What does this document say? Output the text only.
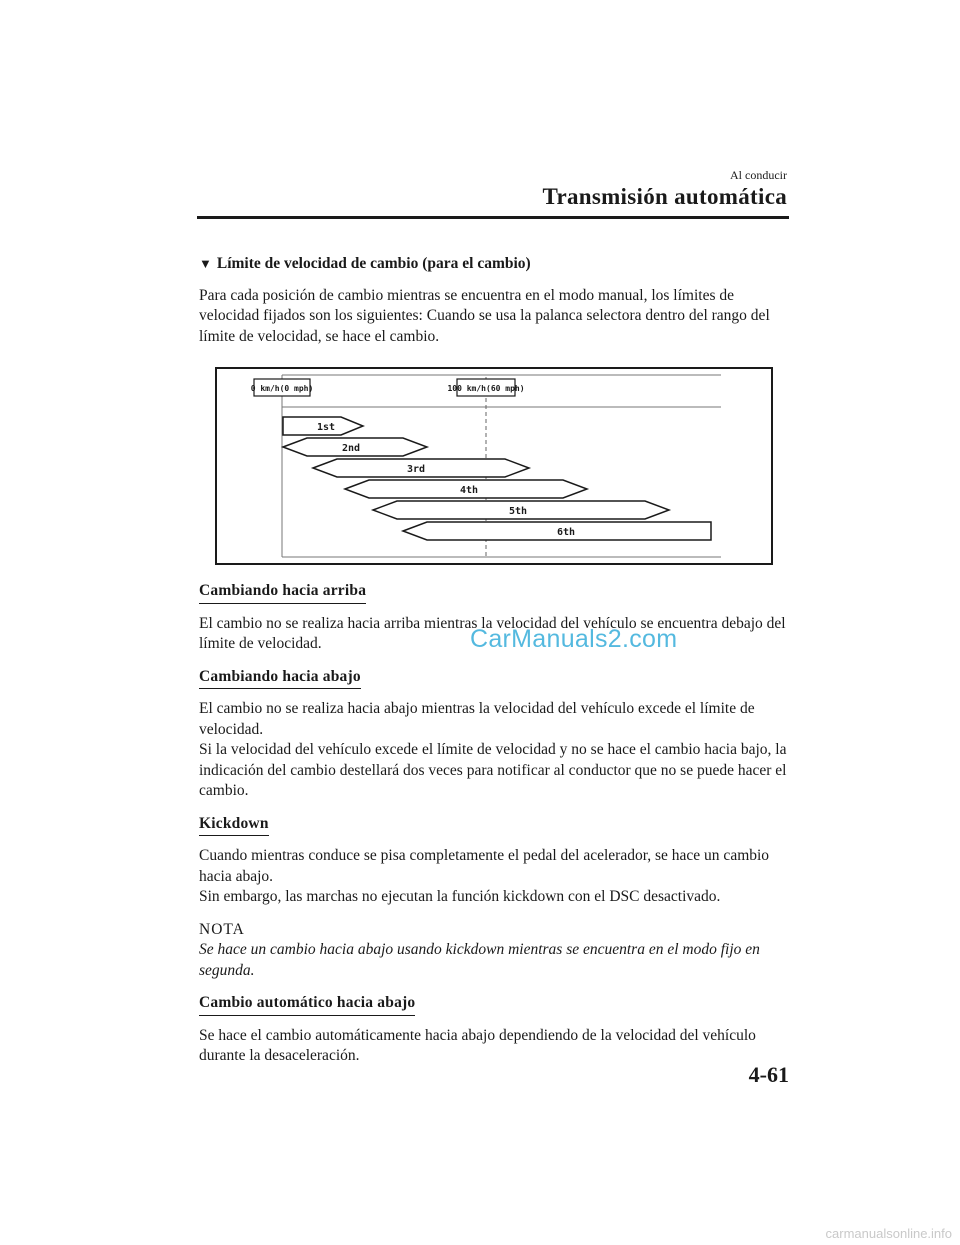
Al conducir
Transmisión automática

▼ Límite de velocidad de cambio (para el cambio)

Para cada posición de cambio mientras se encuentra en el modo manual, los límites de velocidad fijados son los siguientes: Cuando se usa la palanca selectora dentro del rango del límite de velocidad, se hace el cambio.

0 km/h(0 mph)	100 km/h(60 mph)
1st
2nd
3rd
4th
5th
6th
Cambiando hacia arriba

El cambio no se realiza hacia arriba mientras la velocidad del vehículo se encuentra debajo del límite de velocidad.

Cambiando hacia abajo

El cambio no se realiza hacia abajo mientras la velocidad del vehículo excede el límite de velocidad.

Si la velocidad del vehículo excede el límite de velocidad y no se hace el cambio hacia bajo, la indicación del cambio destellará dos veces para notificar al conductor que no se puede hacer el cambio.

Kickdown

Cuando mientras conduce se pisa completamente el pedal del acelerador, se hace un cambio hacia abajo.

Sin embargo, las marchas no ejecutan la función kickdown con el DSC desactivado.

NOTA

Se hace un cambio hacia abajo usando kickdown mientras se encuentra en el modo fijo en segunda.

Cambio automático hacia abajo

Se hace el cambio automáticamente hacia abajo dependiendo de la velocidad del vehículo durante la desaceleración.

CarManuals2.com
4-61
carmanualsonline.info
